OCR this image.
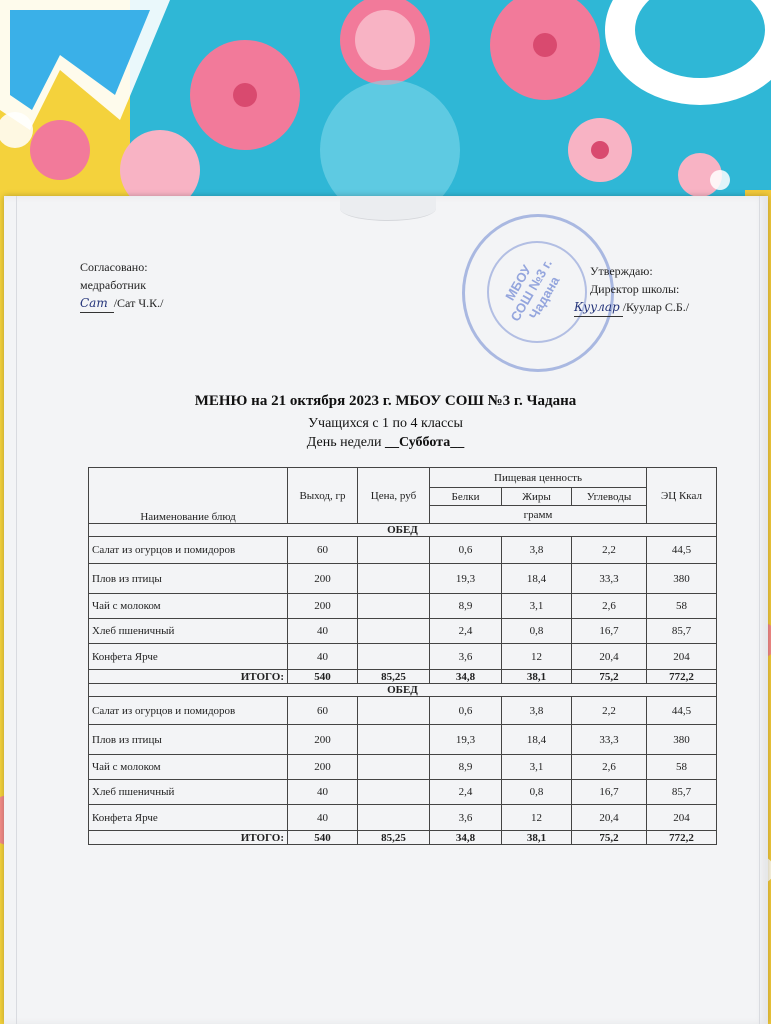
МБОУ СОШ №3 г. Чадана
Согласовано:
медработник
Сат /Сат Ч.К./
Утверждаю:
Директор школы:
Куулар /Куулар С.Б./
МЕНЮ на 21 октября 2023 г. МБОУ СОШ №3 г. Чадана
Учащихся с 1 по 4 классы
День недели __Суббота__
Наименование блюд	Выход, гр	Цена, руб	Пищевая ценность			ЭЦ Ккал
			Белки	Жиры	Углеводы	
			грамм			
ОБЕД						
Салат из огурцов и помидоров	60		0,6	3,8	2,2	44,5
Плов из птицы	200		19,3	18,4	33,3	380
Чай с молоком	200		8,9	3,1	2,6	58
Хлеб пшеничный	40		2,4	0,8	16,7	85,7
Конфета Ярче	40		3,6	12	20,4	204
ИТОГО:	540	85,25	34,8	38,1	75,2	772,2
ОБЕД						
Салат из огурцов и помидоров	60		0,6	3,8	2,2	44,5
Плов из птицы	200		19,3	18,4	33,3	380
Чай с молоком	200		8,9	3,1	2,6	58
Хлеб пшеничный	40		2,4	0,8	16,7	85,7
Конфета Ярче	40		3,6	12	20,4	204
ИТОГО:	540	85,25	34,8	38,1	75,2	772,2
